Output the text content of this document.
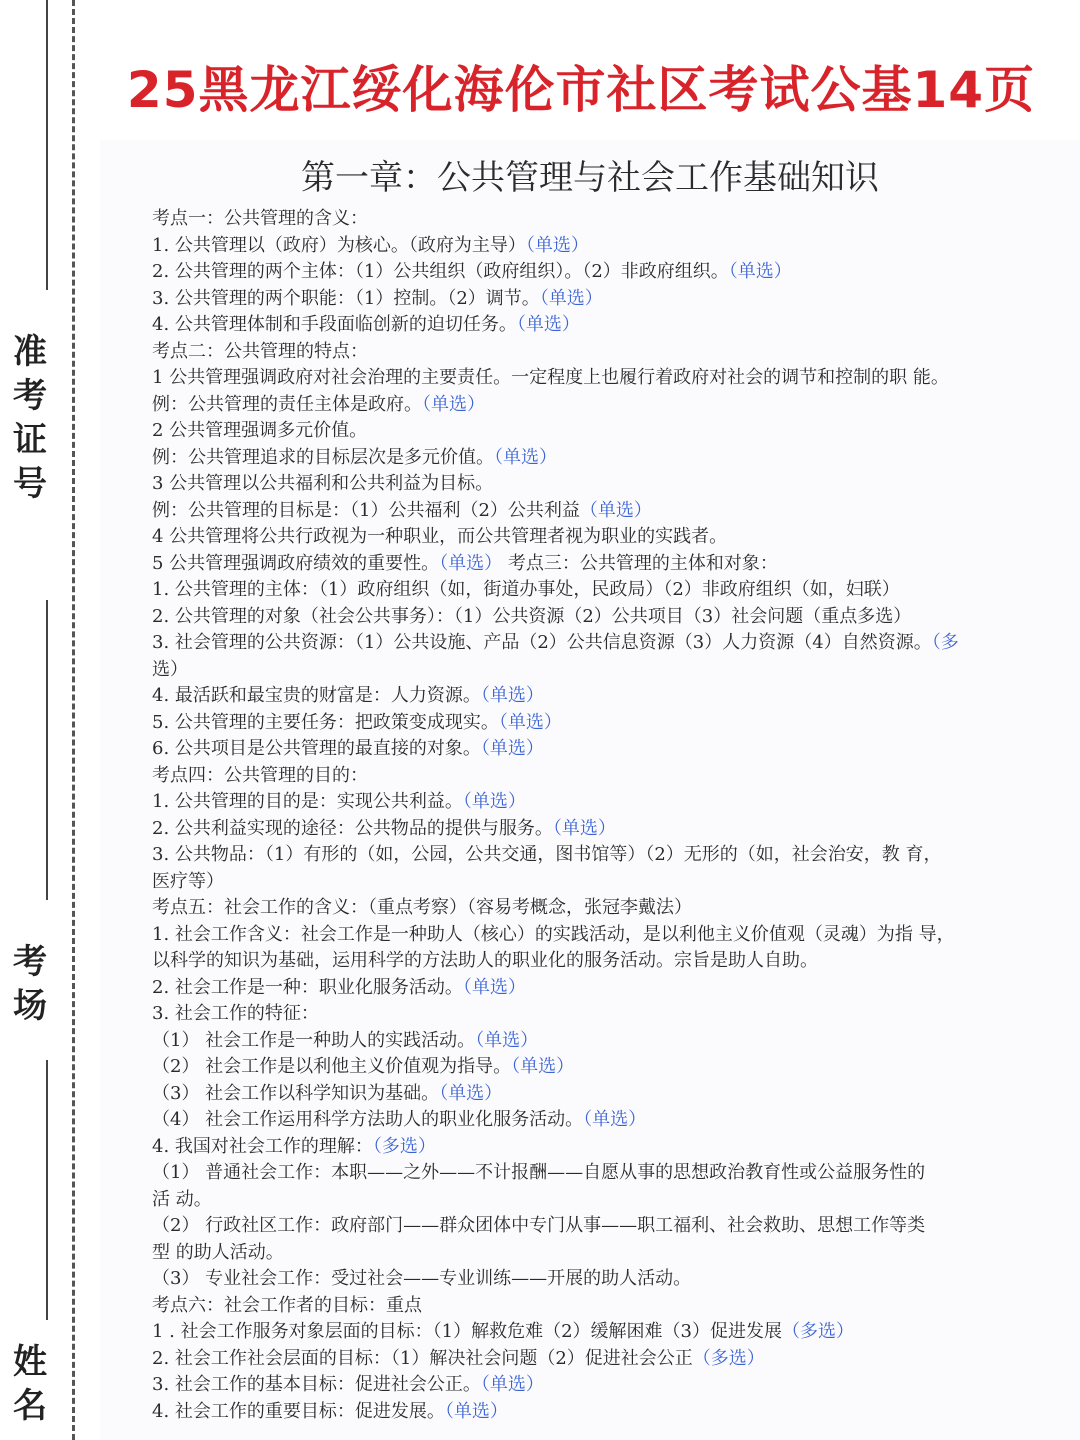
准考证号
考场
姓名
25黑龙江绥化海伦市社区考试公基14页
第一章：公共管理与社会工作基础知识
考点一：公共管理的含义：
1. 公共管理以（政府）为核心。（政府为主导）（单选）
2. 公共管理的两个主体：（1）公共组织（政府组织）。（2）非政府组织。（单选）
3. 公共管理的两个职能：（1）控制。（2）调节。（单选）
4. 公共管理体制和手段面临创新的迫切任务。（单选）
考点二：公共管理的特点：
1 公共管理强调政府对社会治理的主要责任。一定程度上也履行着政府对社会的调节和控制的职 能。
例：公共管理的责任主体是政府。（单选）
2 公共管理强调多元价值。
例：公共管理追求的目标层次是多元价值。（单选）
3 公共管理以公共福利和公共利益为目标。
例：公共管理的目标是：（1）公共福利（2）公共利益（单选）
4 公共管理将公共行政视为一种职业，而公共管理者视为职业的实践者。
5 公共管理强调政府绩效的重要性。（单选） 考点三：公共管理的主体和对象：
1. 公共管理的主体：（1）政府组织（如，街道办事处，民政局）（2）非政府组织（如，妇联）
2. 公共管理的对象（社会公共事务）：（1）公共资源（2）公共项目（3）社会问题（重点多选）
3. 社会管理的公共资源：（1）公共设施、产品（2）公共信息资源（3）人力资源（4）自然资源。（多
选）
4. 最活跃和最宝贵的财富是：人力资源。（单选）
5. 公共管理的主要任务：把政策变成现实。（单选）
6. 公共项目是公共管理的最直接的对象。（单选）
考点四：公共管理的目的：
1. 公共管理的目的是：实现公共利益。（单选）
2. 公共利益实现的途径：公共物品的提供与服务。（单选）
3. 公共物品：（1）有形的（如，公园，公共交通，图书馆等）（2）无形的（如，社会治安，教 育，
医疗等）
考点五：社会工作的含义：（重点考察）（容易考概念，张冠李戴法）
1. 社会工作含义：社会工作是一种助人（核心）的实践活动，是以利他主义价值观（灵魂）为指 导，
以科学的知识为基础，运用科学的方法助人的职业化的服务活动。宗旨是助人自助。
2. 社会工作是一种：职业化服务活动。（单选）
3. 社会工作的特征：
（1） 社会工作是一种助人的实践活动。（单选）
（2） 社会工作是以利他主义价值观为指导。（单选）
（3） 社会工作以科学知识为基础。（单选）
（4） 社会工作运用科学方法助人的职业化服务活动。（单选）
4. 我国对社会工作的理解：（多选）
（1） 普通社会工作：本职——之外——不计报酬——自愿从事的思想政治教育性或公益服务性的
活 动。
（2） 行政社区工作：政府部门——群众团体中专门从事——职工福利、社会救助、思想工作等类
型 的助人活动。
（3） 专业社会工作：受过社会——专业训练——开展的助人活动。
考点六：社会工作者的目标：重点
1 . 社会工作服务对象层面的目标：（1）解救危难（2）缓解困难（3）促进发展（多选）
2. 社会工作社会层面的目标：（1）解决社会问题（2）促进社会公正（多选）
3. 社会工作的基本目标：促进社会公正。（单选）
4. 社会工作的重要目标：促进发展。（单选）
